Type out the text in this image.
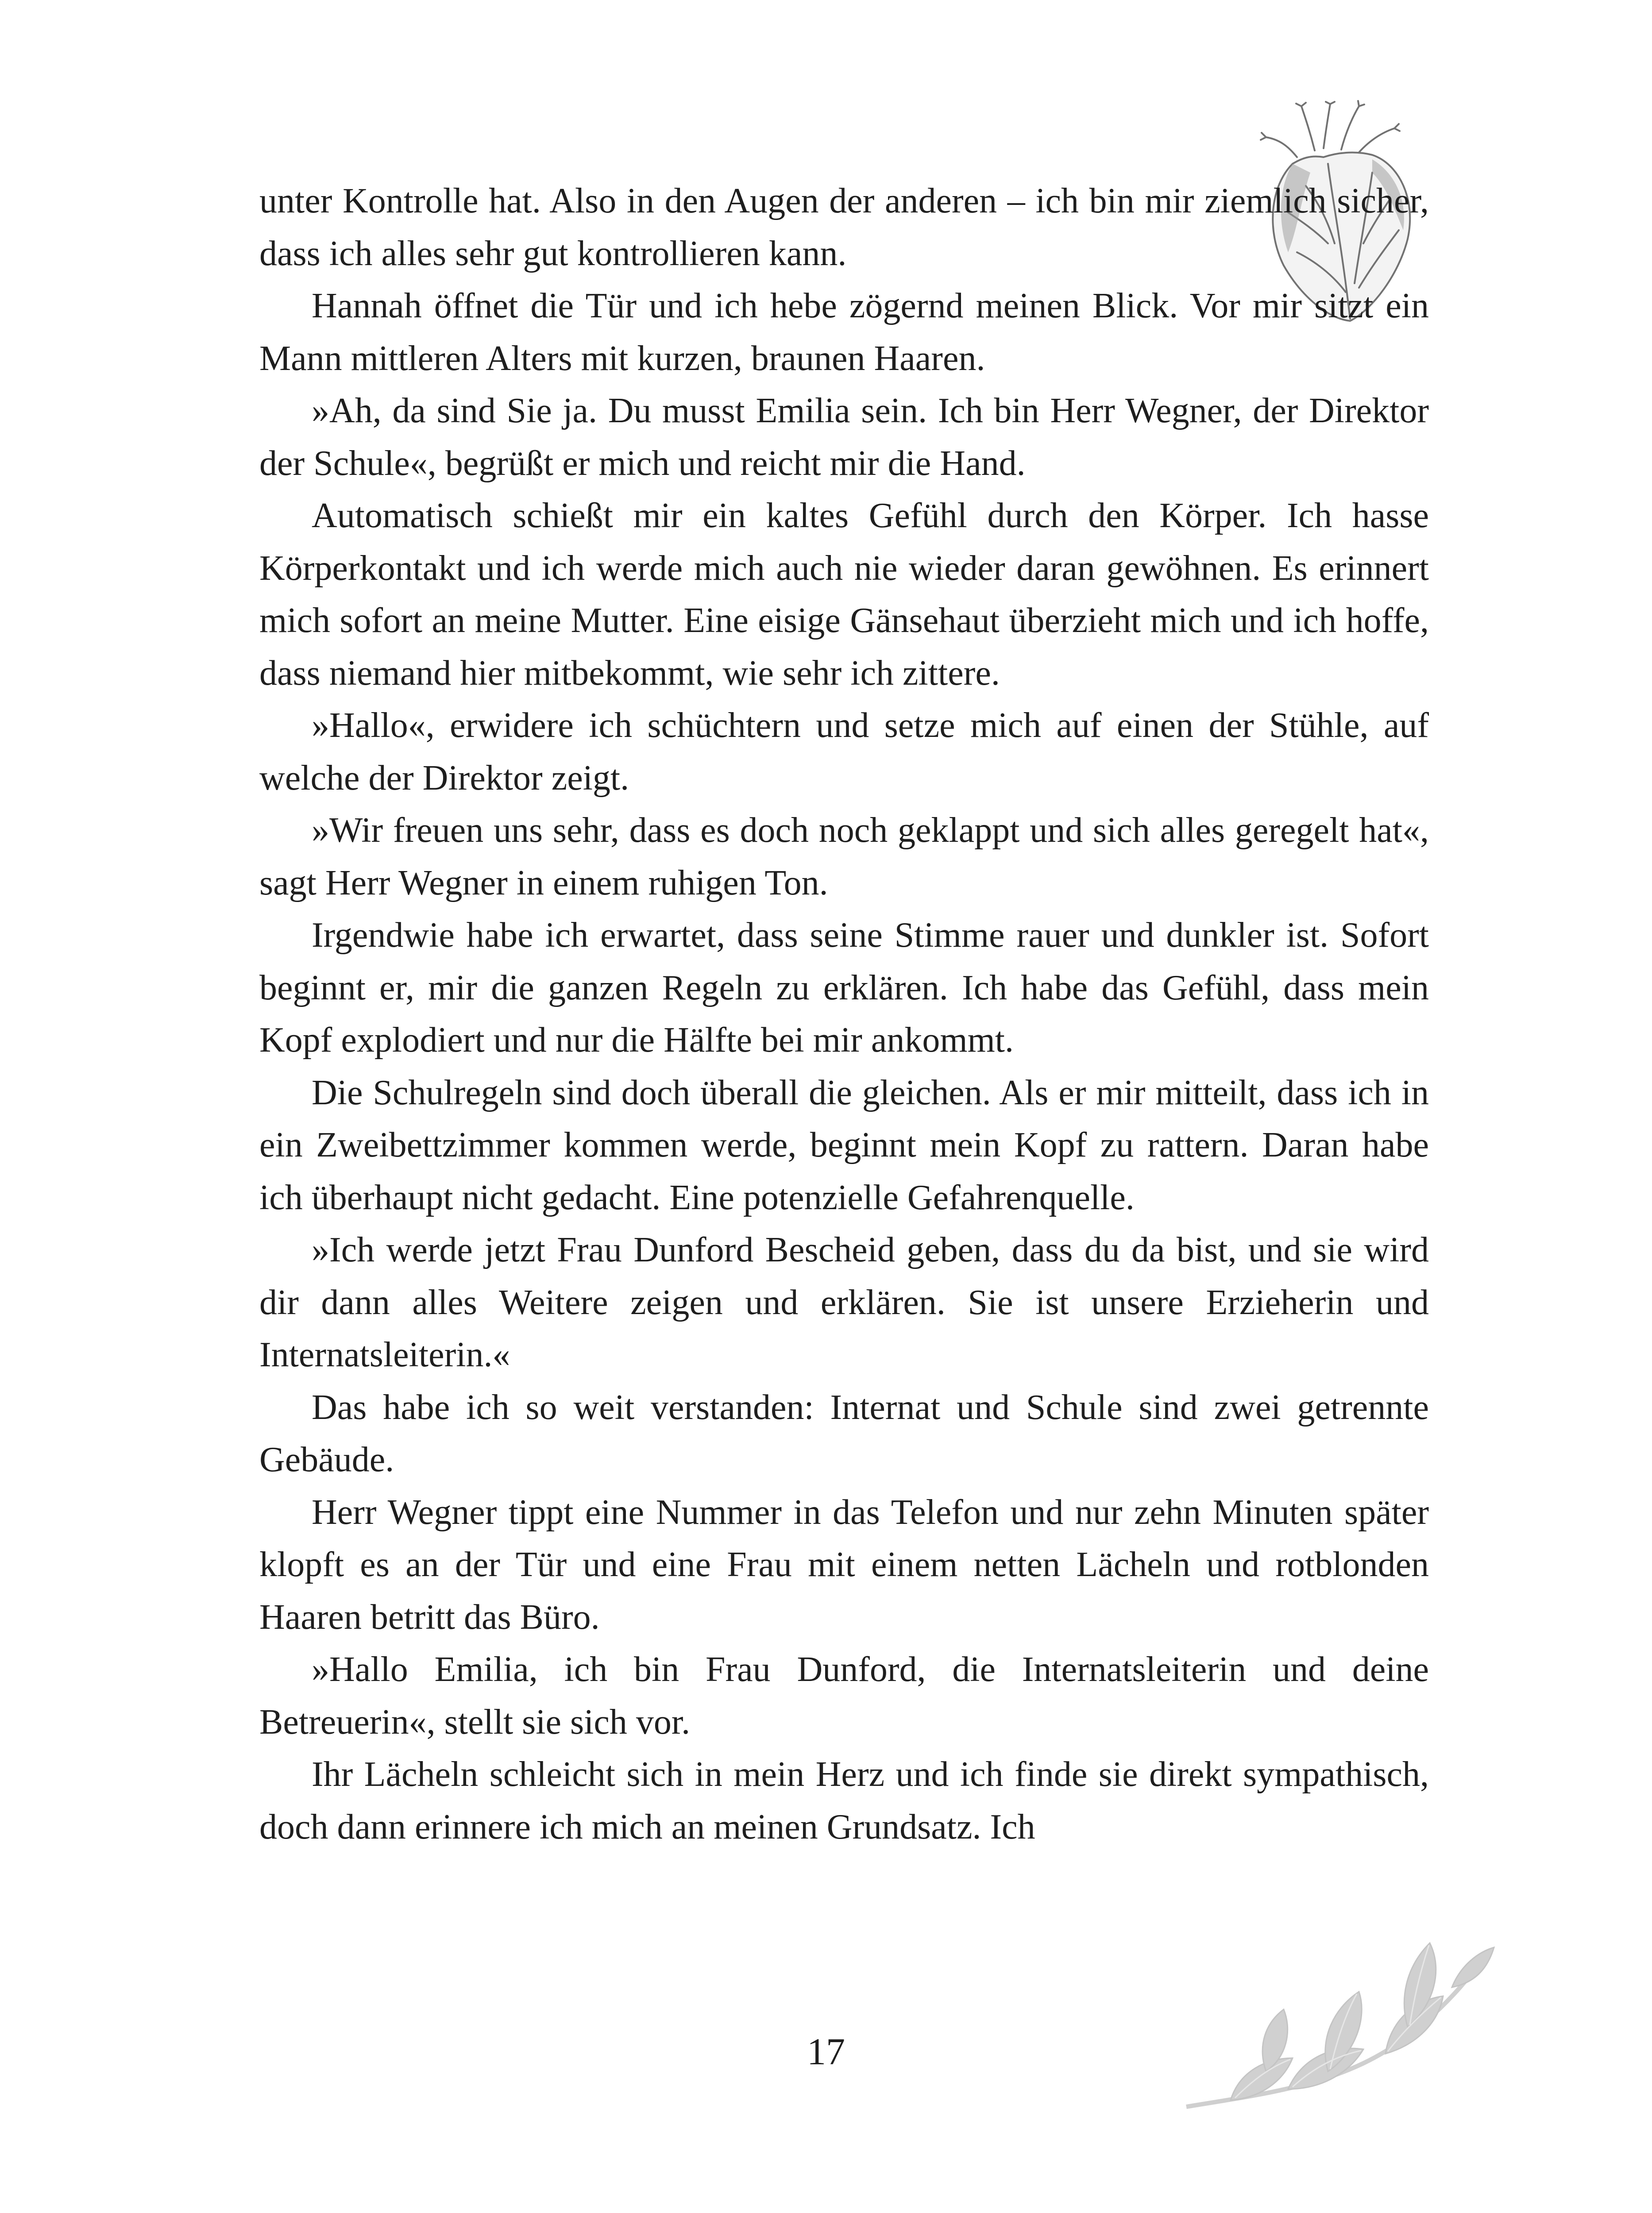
unter Kontrolle hat. Also in den Augen der anderen – ich bin mir ziemlich sicher, dass ich alles sehr gut kontrollieren kann.

Hannah öffnet die Tür und ich hebe zögernd meinen Blick. Vor mir sitzt ein Mann mittleren Alters mit kurzen, braunen Haaren.

»Ah, da sind Sie ja. Du musst Emilia sein. Ich bin Herr Wegner, der Direktor der Schule«, begrüßt er mich und reicht mir die Hand.

Automatisch schießt mir ein kaltes Gefühl durch den Körper. Ich hasse Körperkontakt und ich werde mich auch nie wieder daran gewöhnen. Es erinnert mich sofort an meine Mutter. Eine eisige Gänsehaut überzieht mich und ich hoffe, dass niemand hier mitbekommt, wie sehr ich zittere.

»Hallo«, erwidere ich schüchtern und setze mich auf einen der Stühle, auf welche der Direktor zeigt.

»Wir freuen uns sehr, dass es doch noch geklappt und sich alles geregelt hat«, sagt Herr Wegner in einem ruhigen Ton.

Irgendwie habe ich erwartet, dass seine Stimme rauer und dunkler ist. Sofort beginnt er, mir die ganzen Regeln zu erklären. Ich habe das Gefühl, dass mein Kopf explodiert und nur die Hälfte bei mir ankommt.

Die Schulregeln sind doch überall die gleichen. Als er mir mitteilt, dass ich in ein Zweibettzimmer kommen werde, beginnt mein Kopf zu rattern. Daran habe ich überhaupt nicht gedacht. Eine potenzielle Gefahrenquelle.

»Ich werde jetzt Frau Dunford Bescheid geben, dass du da bist, und sie wird dir dann alles Weitere zeigen und erklären. Sie ist unsere Erzieherin und Internatsleiterin.«

Das habe ich so weit verstanden: Internat und Schule sind zwei getrennte Gebäude.

Herr Wegner tippt eine Nummer in das Telefon und nur zehn Minuten später klopft es an der Tür und eine Frau mit einem netten Lächeln und rotblonden Haaren betritt das Büro.

»Hallo Emilia, ich bin Frau Dunford, die Internatsleiterin und deine Betreuerin«, stellt sie sich vor.

Ihr Lächeln schleicht sich in mein Herz und ich finde sie direkt sympathisch, doch dann erinnere ich mich an meinen Grundsatz. Ich

17
